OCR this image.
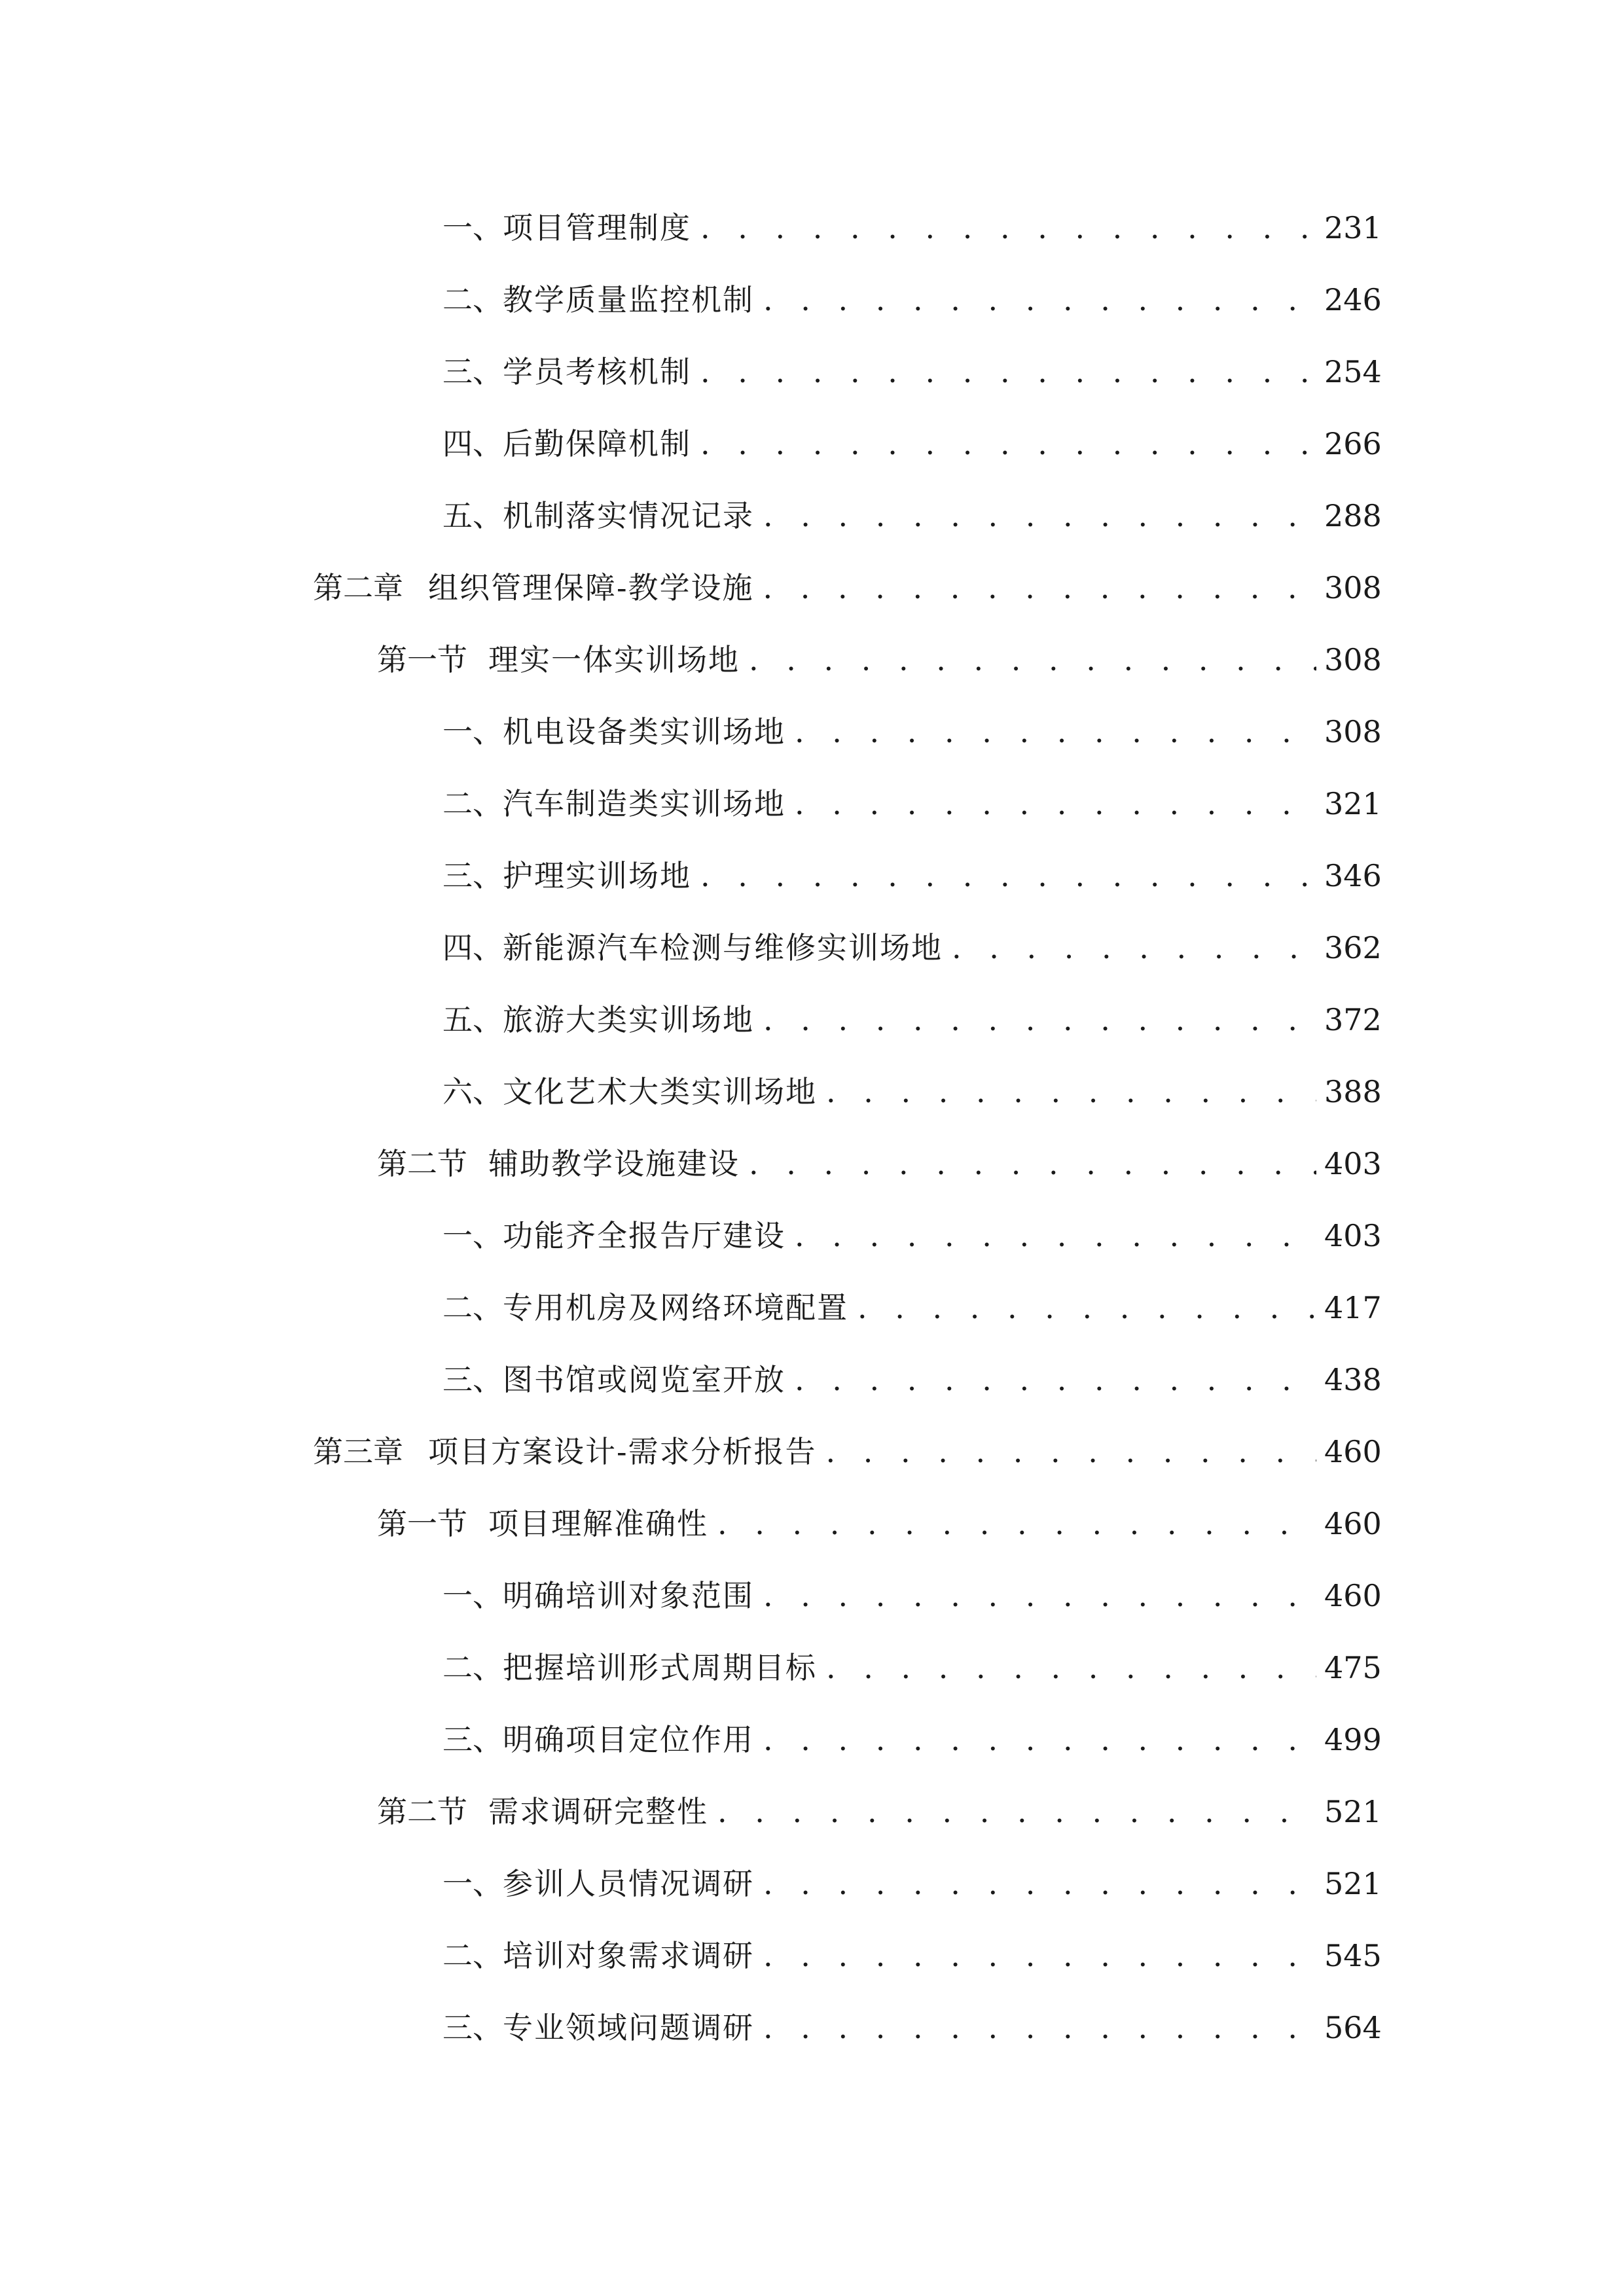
一、 项目管理制度 . . .	231
二、 教学质量监控机制 . . .	246
三、 学员考核机制 . . .	254
四、 后勤保障机制 . . .	266
五、 机制落实情况记录 . . .	288
第二章 组织管理保障-教学设施 . . .	308
第一节 理实一体实训场地 . . .	308
一、 机电设备类实训场地 . . .	308
二、 汽车制造类实训场地 . . .	321
三、 护理实训场地 . . .	346
四、 新能源汽车检测与维修实训场地 . . .	362
五、 旅游大类实训场地 . . .	372
六、 文化艺术大类实训场地 . . .	388
第二节 辅助教学设施建设 . . .	403
一、 功能齐全报告厅建设 . . .	403
二、 专用机房及网络环境配置 . . .	417
三、 图书馆或阅览室开放 . . .	438
第三章 项目方案设计-需求分析报告 . . .	460
第一节 项目理解准确性 . . .	460
一、 明确培训对象范围 . . .	460
二、 把握培训形式周期目标 . . .	475
三、 明确项目定位作用 . . .	499
第二节 需求调研完整性 . . .	521
一、 参训人员情况调研 . . .	521
二、 培训对象需求调研 . . .	545
三、 专业领域问题调研 . . .	564
